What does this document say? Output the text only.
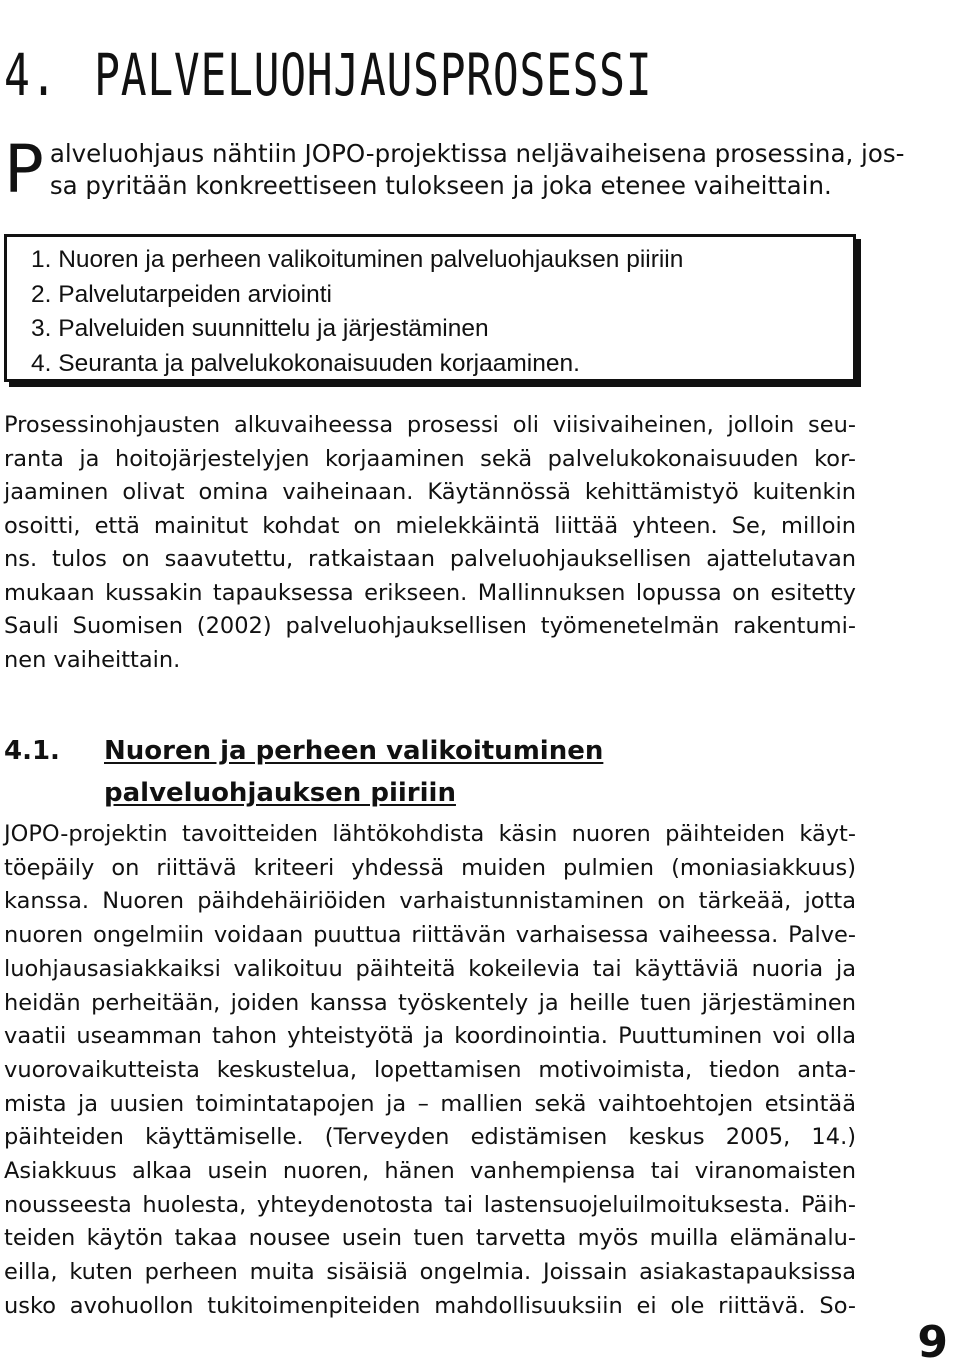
4. PALVELUOHJAUSPROSESSI
P alveluohjaus nähtiin JOPO-projektissa neljävaiheisena prosessina, jos-
sa pyritään konkreettiseen tulokseen ja joka etenee vaiheittain.
1. Nuoren ja perheen valikoituminen palveluohjauksen piiriin
2. Palvelutarpeiden arviointi
3. Palveluiden suunnittelu ja järjestäminen
4. Seuranta ja palvelukokonaisuuden korjaaminen.
Prosessinohjausten alkuvaiheessa prosessi oli viisivaiheinen, jolloin seu-
ranta ja hoitojärjestelyjen korjaaminen sekä palvelukokonaisuuden kor-
jaaminen olivat omina vaiheinaan. Käytännössä kehittämistyö kuitenkin
osoitti, että mainitut kohdat on mielekkäintä liittää yhteen. Se, milloin
ns. tulos on saavutettu, ratkaistaan palveluohjauksellisen ajattelutavan
mukaan kussakin tapauksessa erikseen. Mallinnuksen lopussa on esitetty
Sauli Suomisen (2002) palveluohjauksellisen työmenetelmän rakentumi-
nen vaiheittain.
4.1. Nuoren ja perheen valikoituminen
palveluohjauksen piiriin
JOPO-projektin tavoitteiden lähtökohdista käsin nuoren päihteiden käyt-
töepäily on riittävä kriteeri yhdessä muiden pulmien (moniasiakkuus)
kanssa. Nuoren päihdehäiriöiden varhaistunnistaminen on tärkeää, jotta
nuoren ongelmiin voidaan puuttua riittävän varhaisessa vaiheessa. Palve-
luohjausasiakkaiksi valikoituu päihteitä kokeilevia tai käyttäviä nuoria ja
heidän perheitään, joiden kanssa työskentely ja heille tuen järjestäminen
vaatii useamman tahon yhteistyötä ja koordinointia. Puuttuminen voi olla
vuorovaikutteista keskustelua, lopettamisen motivoimista, tiedon anta-
mista ja uusien toimintatapojen ja – mallien sekä vaihtoehtojen etsintää
päihteiden käyttämiselle. (Terveyden edistämisen keskus 2005, 14.)
Asiakkuus alkaa usein nuoren, hänen vanhempiensa tai viranomaisten
nousseesta huolesta, yhteydenotosta tai lastensuojeluilmoituksesta. Päih-
teiden käytön takaa nousee usein tuen tarvetta myös muilla elämänalu-
eilla, kuten perheen muita sisäisiä ongelmia. Joissain asiakastapauksissa
usko avohuollon tukitoimenpiteiden mahdollisuuksiin ei ole riittävä. So-
9
